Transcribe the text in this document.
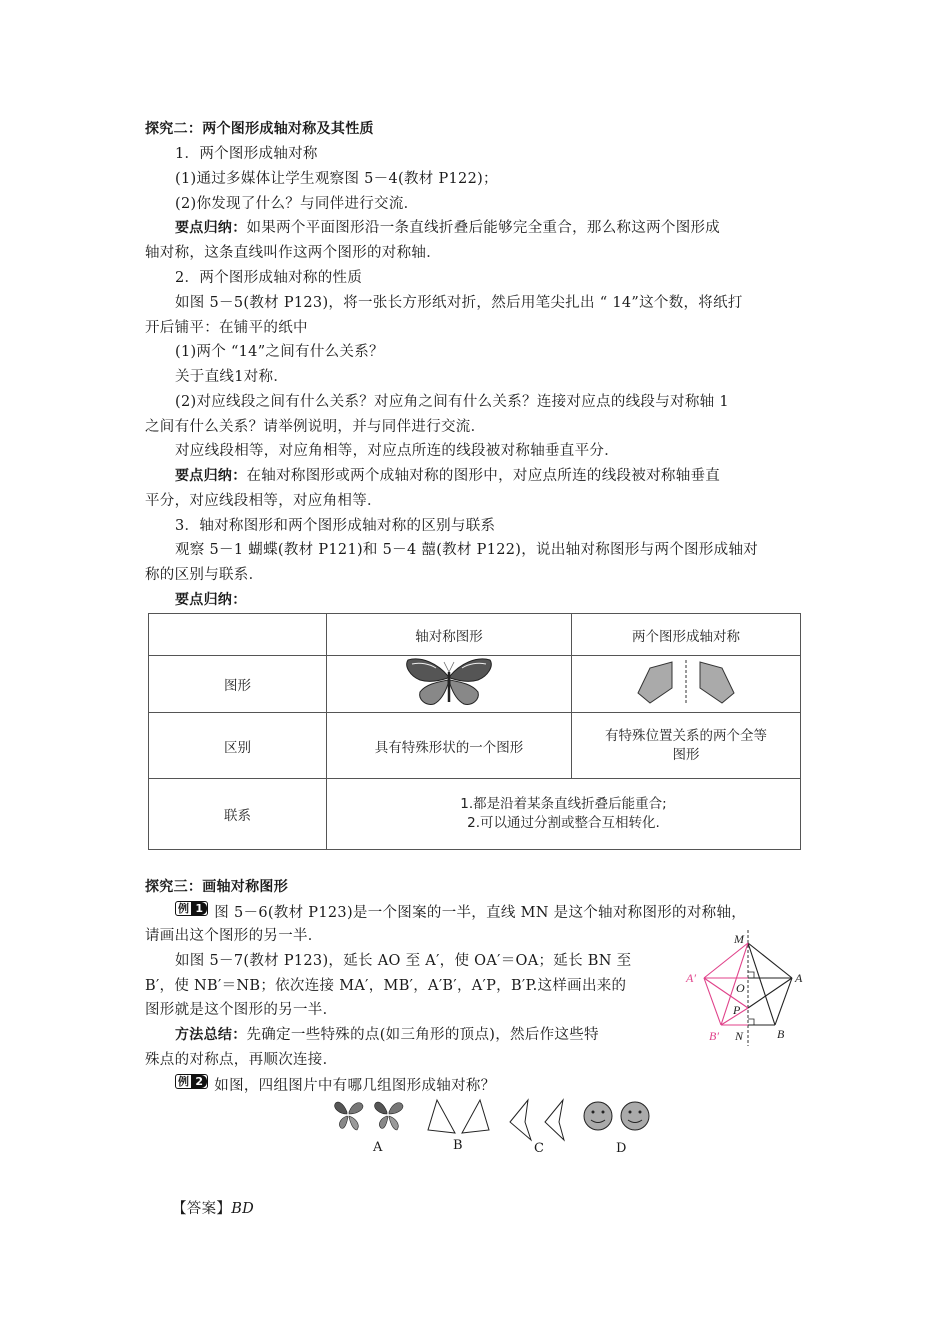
探究二：两个图形成轴对称及其性质
1．两个图形成轴对称
(1)通过多媒体让学生观察图 5－4(教材 P122)；
(2)你发现了什么？与同伴进行交流．
要点归纳：如果两个平面图形沿一条直线折叠后能够完全重合，那么称这两个图形成
轴对称，这条直线叫作这两个图形的对称轴．
2．两个图形成轴对称的性质
如图 5－5(教材 P123)，将一张长方形纸对折，然后用笔尖扎出 “ 14”这个数，将纸打
开后铺平：在铺平的纸中
(1)两个 “14”之间有什么关系？
关于直线1对称．
(2)对应线段之间有什么关系？对应角之间有什么关系？连接对应点的线段与对称轴 1
之间有什么关系？请举例说明，并与同伴进行交流．
对应线段相等，对应角相等，对应点所连的线段被对称轴垂直平分．
要点归纳：在轴对称图形或两个成轴对称的图形中，对应点所连的线段被对称轴垂直
平分，对应线段相等，对应角相等．
3．轴对称图形和两个图形成轴对称的区别与联系
观察 5－1 蝴蝶(教材 P121)和 5－4 囍(教材 P122)，说出轴对称图形与两个图形成轴对
称的区别与联系．
要点归纳：
	轴对称图形	两个图形成轴对称
图形		
区别	具有特殊形状的一个图形	有特殊位置关系的两个全等
图形

联系	1.都是沿着某条直线折叠后能重合;
2.可以通过分割或整合互相转化.	
探究三：画轴对称图形
例 1 图 5－6(教材 P123)是一个图案的一半，直线 MN 是这个轴对称图形的对称轴，
请画出这个图形的另一半．
如图 5－7(教材 P123)，延长 AO 至 A′，使 OA′＝OA；延长 BN 至
B′，使 NB′＝NB；依次连接 MA′，MB′，A′B′，A′P，B′P.这样画出来的
图形就是这个图形的另一半．
方法总结：先确定一些特殊的点(如三角形的顶点)，然后作这些特
殊点的对称点，再顺次连接．
M
A
A′
O
P
B
B′ N
例 2 如图，四组图片中有哪几组图形成轴对称？
A	B	C	D
【答案】BD
